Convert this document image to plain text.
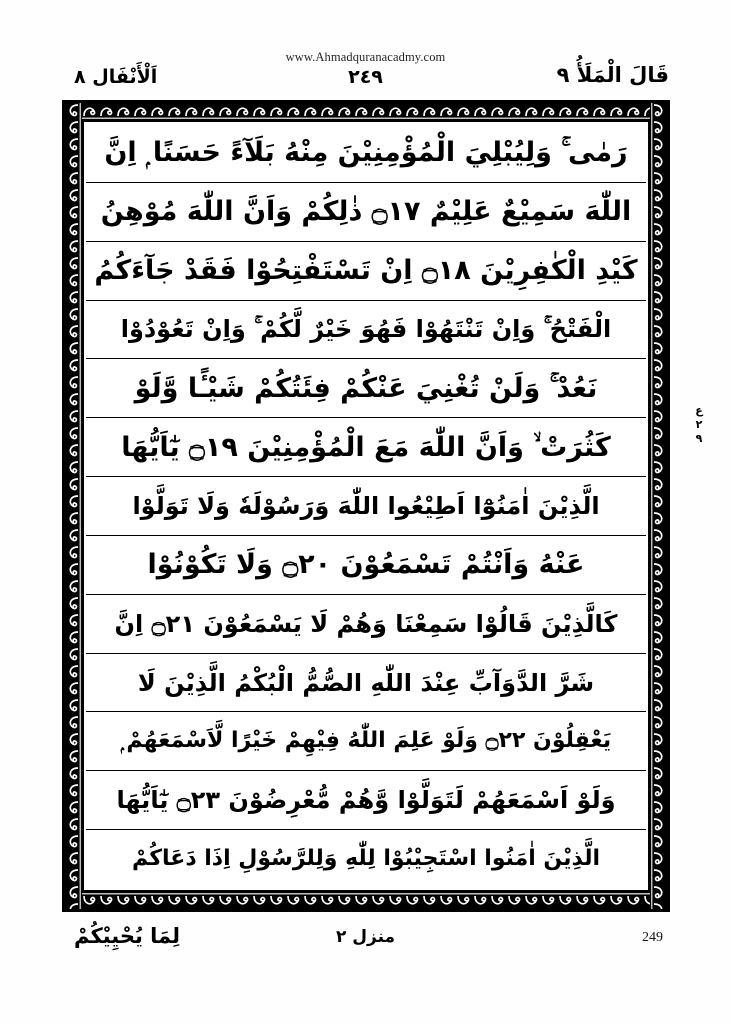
www.Ahmadquranacadmy.com
قَالَ الْمَلَأُ ٩
٢٤٩
اَلْأَنْفَال ٨
رَمٰى ۚ وَلِيُبْلِيَ الْمُؤْمِنِيْنَ مِنْهُ بَلَآءً حَسَنًا ۭ اِنَّ
اللّٰهَ سَمِيْعٌ عَلِيْمٌ ۝١٧ ذٰلِكُمْ وَاَنَّ اللّٰهَ مُوْهِنُ
كَيْدِ الْكٰفِرِيْنَ ۝١٨ اِنْ تَسْتَفْتِحُوْا فَقَدْ جَآءَكُمُ
الْفَتْحُ ۚ وَاِنْ تَنْتَهُوْا فَهُوَ خَيْرٌ لَّكُمْ ۚ وَاِنْ تَعُوْدُوْا
نَعُدْ ۚ وَلَنْ تُغْنِيَ عَنْكُمْ فِئَتُكُمْ شَيْـًٔا وَّلَوْ
كَثُرَتْ ۙ وَاَنَّ اللّٰهَ مَعَ الْمُؤْمِنِيْنَ ۝١٩ يٰٓاَيُّهَا
الَّذِيْنَ اٰمَنُوْٓا اَطِيْعُوا اللّٰهَ وَرَسُوْلَهٗ وَلَا تَوَلَّوْا
عَنْهُ وَاَنْتُمْ تَسْمَعُوْنَ ۝٢٠ وَلَا تَكُوْنُوْا
كَالَّذِيْنَ قَالُوْا سَمِعْنَا وَهُمْ لَا يَسْمَعُوْنَ ۝٢١ اِنَّ
شَرَّ الدَّوَآبِّ عِنْدَ اللّٰهِ الصُّمُّ الْبُكْمُ الَّذِيْنَ لَا
يَعْقِلُوْنَ ۝٢٢ وَلَوْ عَلِمَ اللّٰهُ فِيْهِمْ خَيْرًا لَّاَسْمَعَهُمْ ۭ
وَلَوْ اَسْمَعَهُمْ لَتَوَلَّوْا وَّهُمْ مُّعْرِضُوْنَ ۝٢٣ يٰٓاَيُّهَا
الَّذِيْنَ اٰمَنُوا اسْتَجِيْبُوْا لِلّٰهِ وَلِلرَّسُوْلِ اِذَا دَعَاكُمْ
ع
٢
٩
لِمَا يُحْيِيْكُمْ	منزل ٢	249
